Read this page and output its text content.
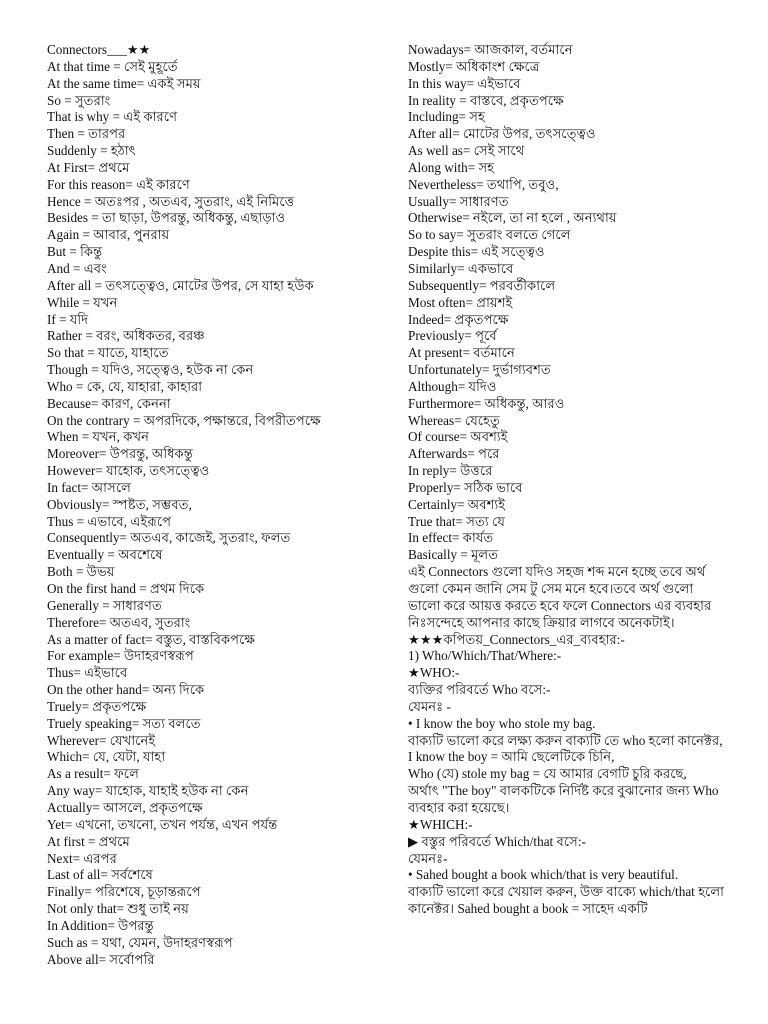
Connectors___★★
At that time = সেই মুহূর্তে
At the same time= একই সময়
So = সুতরাং
That is why = এই কারণে
Then = তারপর
Suddenly = হঠাৎ
At First= প্রথমে
For this reason= এই কারণে
Hence = অতঃপর , অতএব, সুতরাং, এই নিমিত্তে
Besides = তা ছাড়া, উপরন্তু, অধিকন্তু, এছাড়াও
Again = আবার, পুনরায়
But = কিন্তু
And = এবং
After all = তৎসত্ত্বেও, মোটের উপর, সে যাহা হউক
While = যখন
If = যদি
Rather = বরং, অধিকতর, বরঞ্চ
So that = যাতে, যাহাতে
Though = যদিও, সত্ত্বেও, হউক না কেন
Who = কে, যে, যাহারা, কাহারা
Because= কারণ, কেননা
On the contrary = অপরদিকে, পক্ষান্তরে, বিপরীতপক্ষে
When = যখন, কখন
Moreover= উপরন্তু, অধিকন্তু
However= যাহোক, তৎসত্ত্বেও
In fact= আসলে
Obviously= স্পষ্টত, সম্ভবত,
Thus = এভাবে, এইরূপে
Consequently= অতএব, কাজেই, সুতরাং, ফলত
Eventually = অবশেষে
Both = উভয়
On the first hand = প্রথম দিকে
Generally = সাধারণত
Therefore= অতএব, সুতরাং
As a matter of fact= বস্তুত, বাস্তবিকপক্ষে
For example= উদাহরণস্বরূপ
Thus= এইভাবে
On the other hand= অন্য দিকে
Truely= প্রকৃতপক্ষে
Truely speaking= সত্য বলতে
Wherever= যেখানেই
Which= যে, যেটা, যাহা
As a result= ফলে
Any way= যাহোক, যাহাই হউক না কেন
Actually= আসলে, প্রকৃতপক্ষে
Yet= এখনো, তখনো, তখন পর্যন্ত, এখন পর্যন্ত
At first = প্রথমে
Next= এরপর
Last of all= সর্বশেষে
Finally= পরিশেষে, চূড়ান্তরূপে
Not only that= শুধু তাই নয়
In Addition= উপরন্তু
Such as = যথা, যেমন, উদাহরণস্বরূপ
Above all= সর্বোপরি
Nowadays= আজকাল, বর্তমানে
Mostly= অধিকাংশ ক্ষেত্রে
In this way= এইভাবে
In reality = বাস্তবে, প্রকৃতপক্ষে
Including= সহ
After all= মোটের উপর, তৎসত্ত্বেও
As well as= সেই সাথে
Along with= সহ
Nevertheless= তথাপি, তবুও,
Usually= সাধারণত
Otherwise= নইলে, তা না হলে , অন্যথায়
So to say= সুতরাং বলতে গেলে
Despite this= এই সত্ত্বেও
Similarly= একভাবে
Subsequently= পরবর্তীকালে
Most often= প্রায়শই
Indeed= প্রকৃতপক্ষে
Previously= পূর্বে
At present= বর্তমানে
Unfortunately= দুর্ভাগ্যবশত
Although= যদিও
Furthermore= অধিকন্তু, আরও
Whereas= যেহেতু
Of course= অবশ্যই
Afterwards= পরে
In reply= উত্তরে
Properly= সঠিক ভাবে
Certainly= অবশ্যই
True that= সত্য যে
In effect= কার্যত
Basically = মূলত
এই Connectors গুলো যদিও সহজ শব্দ মনে হচ্ছে তবে অর্থ গুলো কেমন জানি সেম টু সেম মনে হবে।তবে অর্থ গুলো ভালো করে আয়ত্ত করতে হবে ফলে Connectors এর ব্যবহার নিঃসন্দেহে আপনার কাছে ক্রিয়ার লাগবে অনেকটাই।
★★★কপিতয়_Connectors_এর_ব্যবহার:-
1) Who/Which/That/Where:-
★WHO:-
ব্যক্তির পরিবর্তে Who বসে:-
যেমনঃ -
• I know the boy who stole my bag.
বাক্যটি ভালো করে লক্ষ্য করুন বাক্যটি তে who হলো কানেক্টর,
I know the boy = আমি ছেলেটিকে চিনি,
Who (যে) stole my bag = যে আমার বেগটি চুরি করছে,
অর্থাৎ "The boy" বালকটিকে নির্দিষ্ট করে বুঝানোর জন্য Who ব্যবহার করা হয়েছে।
★WHICH:-
▶ বস্তুর পরিবর্তে Which/that বসে:-
যেমনঃ-
• Sahed bought a book which/that is very beautiful.
বাক্যটি ভালো করে খেয়াল করুন, উক্ত বাক্যে which/that হলো কানেক্টর। Sahed bought a book = সাহেদ একটি
